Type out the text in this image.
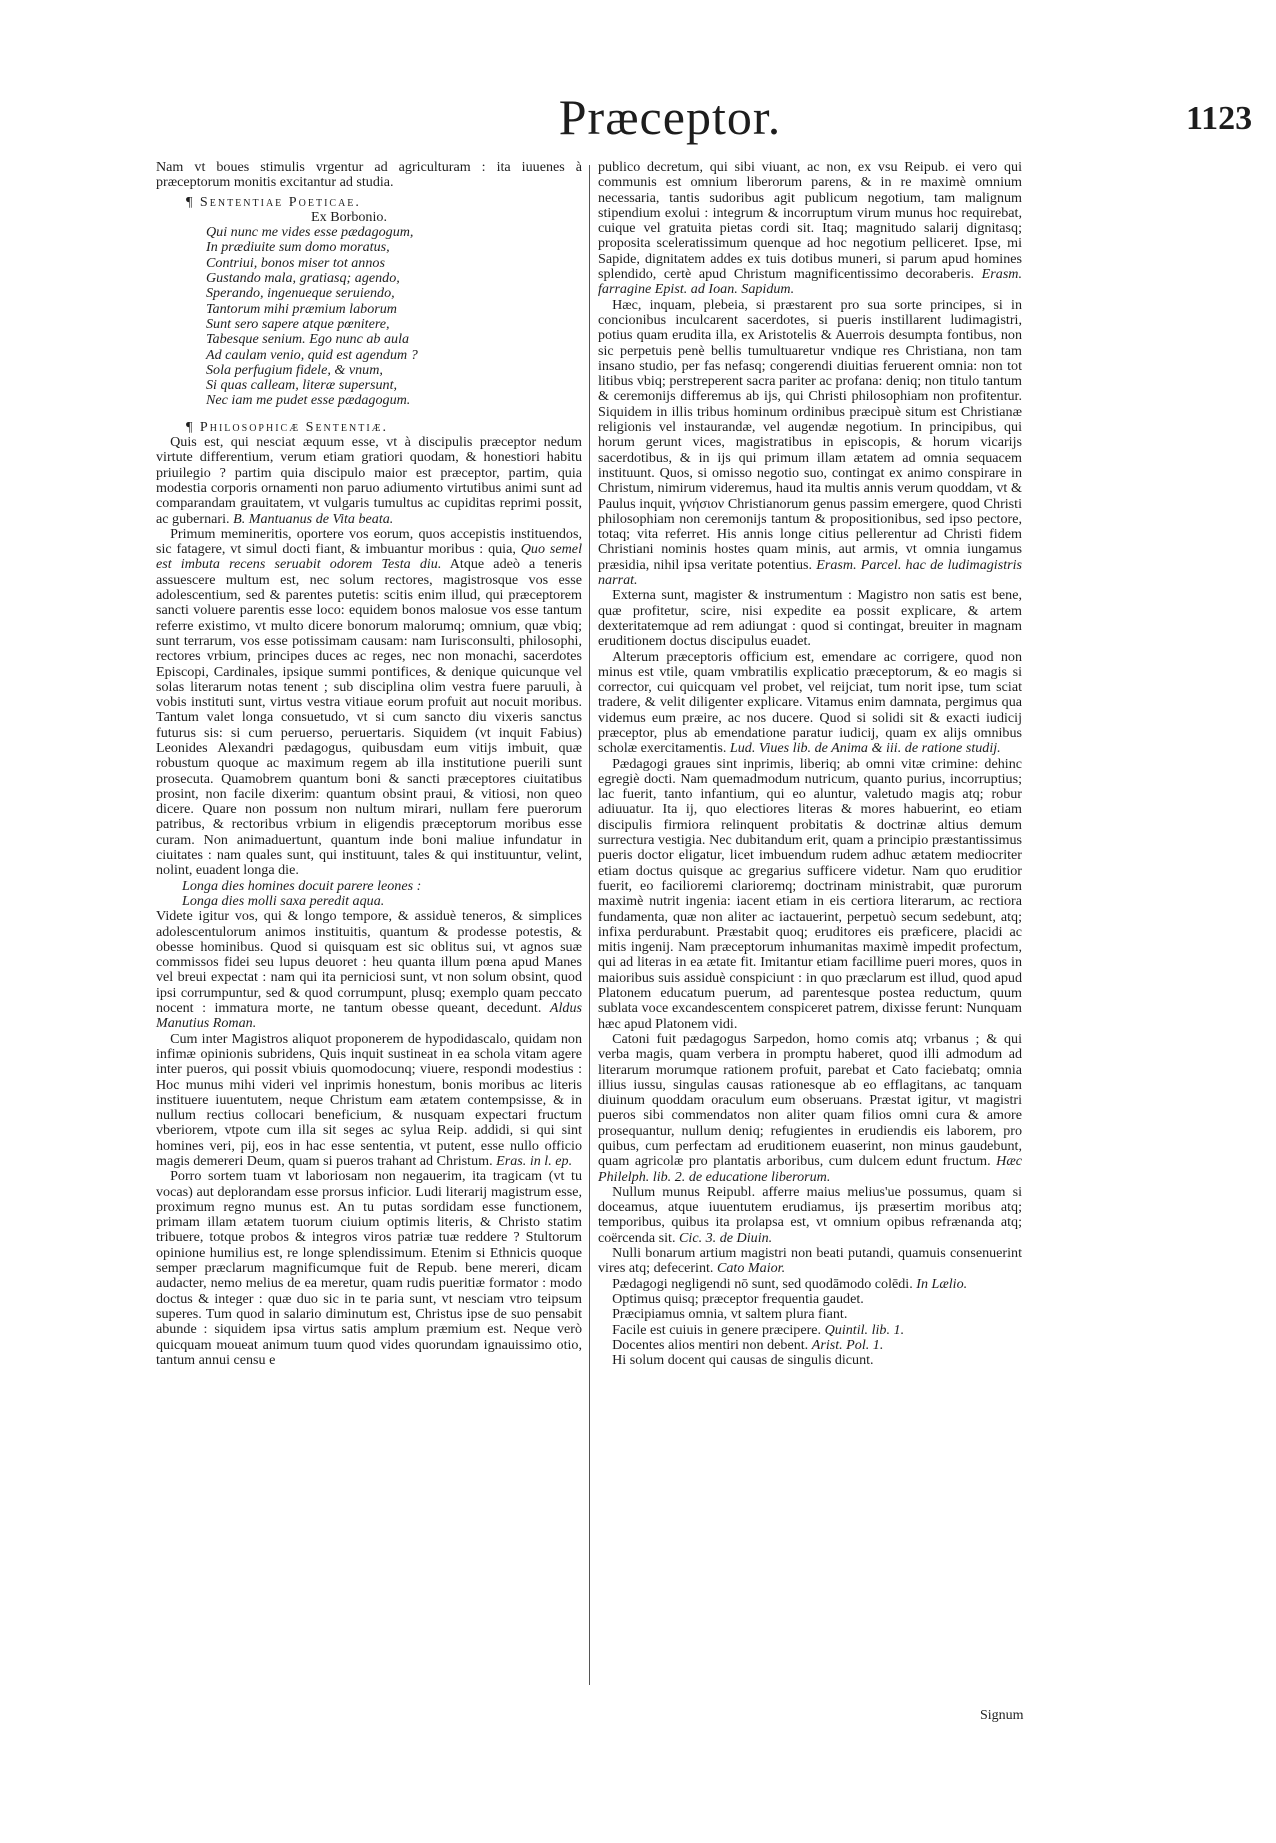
Præceptor.	1123

Nam vt boues stimulis vrgentur ad agriculturam : ita iuuenes à præceptorum monitis excitantur ad studia.

¶ Sententiae Poeticae.

Ex Borbonio.

Qui nunc me vides esse pædagogum,

In prædiuite sum domo moratus,

Contriui, bonos miser tot annos

Gustando mala, gratiasq; agendo,

Sperando, ingenueque seruiendo,

Tantorum mihi præmium laborum

Sunt sero sapere atque pœnitere,

Tabesque senium. Ego nunc ab aula

Ad caulam venio, quid est agendum ?

Sola perfugium fidele, & vnum,

Si quas calleam, literæ supersunt,

Nec iam me pudet esse pædagogum.

¶ Philosophicæ Sententiæ.

Quis est, qui nesciat æquum esse, vt à discipulis præceptor nedum virtute differentium, verum etiam gratiori quodam, & honestiori habitu priuilegio ? partim quia discipulo maior est præceptor, partim, quia modestia corporis ornamenti non paruo adiumento virtutibus animi sunt ad comparandam grauitatem, vt vulgaris tumultus ac cupiditas reprimi possit, ac gubernari. B. Mantuanus de Vita beata.

Primum memineritis, oportere vos eorum, quos accepistis instituendos, sic fatagere, vt simul docti fiant, & imbuantur moribus : quia, Quo semel est imbuta recens seruabit odorem Testa diu. Atque adeò a teneris assuescere multum est, nec solum rectores, magistrosque vos esse adolescentium, sed & parentes putetis: scitis enim illud, qui præceptorem sancti voluere parentis esse loco: equidem bonos malosue vos esse tantum referre existimo, vt multo dicere bonorum malorumq; omnium, quæ vbiq; sunt terrarum, vos esse potissimam causam: nam Iurisconsulti, philosophi, rectores vrbium, principes duces ac reges, nec non monachi, sacerdotes Episcopi, Cardinales, ipsique summi pontifices, & denique quicunque vel solas literarum notas tenent ; sub disciplina olim vestra fuere paruuli, à vobis instituti sunt, virtus vestra vitiaue eorum profuit aut nocuit moribus. Tantum valet longa consuetudo, vt si cum sancto diu vixeris sanctus futurus sis: si cum peruerso, peruertaris. Siquidem (vt inquit Fabius) Leonides Alexandri pædagogus, quibusdam eum vitijs imbuit, quæ robustum quoque ac maximum regem ab illa institutione puerili sunt prosecuta. Quamobrem quantum boni & sancti præceptores ciuitatibus prosint, non facile dixerim: quantum obsint praui, & vitiosi, non queo dicere. Quare non possum non nultum mirari, nullam fere puerorum patribus, & rectoribus vrbium in eligendis præceptorum moribus esse curam. Non animaduertunt, quantum inde boni maliue infundatur in ciuitates : nam quales sunt, qui instituunt, tales & qui instituuntur, velint, nolint, euadent longa die.

Longa dies homines docuit parere leones :

Longa dies molli saxa peredit aqua.

Videte igitur vos, qui & longo tempore, & assiduè teneros, & simplices adolescentulorum animos instituitis, quantum & prodesse potestis, & obesse hominibus. Quod si quisquam est sic oblitus sui, vt agnos suæ commissos fidei seu lupus deuoret : heu quanta illum pœna apud Manes vel breui expectat : nam qui ita perniciosi sunt, vt non solum obsint, quod ipsi corrumpuntur, sed & quod corrumpunt, plusq; exemplo quam peccato nocent : immatura morte, ne tantum obesse queant, decedunt. Aldus Manutius Roman.

Cum inter Magistros aliquot proponerem de hypodidascalo, quidam non infimæ opinionis subridens, Quis inquit sustineat in ea schola vitam agere inter pueros, qui possit vbiuis quomodocunq; viuere, respondi modestius : Hoc munus mihi videri vel inprimis honestum, bonis moribus ac literis instituere iuuentutem, neque Christum eam ætatem contempsisse, & in nullum rectius collocari beneficium, & nusquam expectari fructum vberiorem, vtpote cum illa sit seges ac sylua Reip. addidi, si qui sint homines veri, pij, eos in hac esse sententia, vt putent, esse nullo officio magis demereri Deum, quam si pueros trahant ad Christum. Eras. in l. ep.

Porro sortem tuam vt laboriosam non negauerim, ita tragicam (vt tu vocas) aut deplorandam esse prorsus inficior. Ludi literarij magistrum esse, proximum regno munus est. An tu putas sordidam esse functionem, primam illam ætatem tuorum ciuium optimis literis, & Christo statim tribuere, totque probos & integros viros patriæ tuæ reddere ? Stultorum opinione humilius est, re longe splendissimum. Etenim si Ethnicis quoque semper præclarum magnificumque fuit de Repub. bene mereri, dicam audacter, nemo melius de ea meretur, quam rudis pueritiæ formator : modo doctus & integer : quæ duo sic in te paria sunt, vt nesciam vtro teipsum superes. Tum quod in salario diminutum est, Christus ipse de suo pensabit abunde : siquidem ipsa virtus satis amplum præmium est. Neque verò quicquam moueat animum tuum quod vides quorundam ignauissimo otio, tantum annui censu e

publico decretum, qui sibi viuant, ac non, ex vsu Reipub. ei vero qui communis est omnium liberorum parens, & in re maximè omnium necessaria, tantis sudoribus agit publicum negotium, tam malignum stipendium exolui : integrum & incorruptum virum munus hoc requirebat, cuique vel gratuita pietas cordi sit. Itaq; magnitudo salarij dignitasq; proposita sceleratissimum quenque ad hoc negotium pelliceret. Ipse, mi Sapide, dignitatem addes ex tuis dotibus muneri, si parum apud homines splendido, certè apud Christum magnificentissimo decoraberis. Erasm. farragine Epist. ad Ioan. Sapidum.

Hæc, inquam, plebeia, si præstarent pro sua sorte principes, si in concionibus inculcarent sacerdotes, si pueris instillarent ludimagistri, potius quam erudita illa, ex Aristotelis & Auerrois desumpta fontibus, non sic perpetuis penè bellis tumultuaretur vndique res Christiana, non tam insano studio, per fas nefasq; congerendi diuitias feruerent omnia: non tot litibus vbiq; perstreperent sacra pariter ac profana: deniq; non titulo tantum & ceremonijs differemus ab ijs, qui Christi philosophiam non profitentur. Siquidem in illis tribus hominum ordinibus præcipuè situm est Christianæ religionis vel instaurandæ, vel augendæ negotium. In principibus, qui horum gerunt vices, magistratibus in episcopis, & horum vicarijs sacerdotibus, & in ijs qui primum illam ætatem ad omnia sequacem instituunt. Quos, si omisso negotio suo, contingat ex animo conspirare in Christum, nimirum videremus, haud ita multis annis verum quoddam, vt & Paulus inquit, γνήσιον Christianorum genus passim emergere, quod Christi philosophiam non ceremonijs tantum & propositionibus, sed ipso pectore, totaq; vita referret. His annis longe citius pellerentur ad Christi fidem Christiani nominis hostes quam minis, aut armis, vt omnia iungamus præsidia, nihil ipsa veritate potentius. Erasm. Parcel. hac de ludimagistris narrat.

Externa sunt, magister & instrumentum : Magistro non satis est bene, quæ profitetur, scire, nisi expedite ea possit explicare, & artem dexteritatemque ad rem adiungat : quod si contingat, breuiter in magnam eruditionem doctus discipulus euadet.

Alterum præceptoris officium est, emendare ac corrigere, quod non minus est vtile, quam vmbratilis explicatio præceptorum, & eo magis si corrector, cui quicquam vel probet, vel reijciat, tum norit ipse, tum sciat tradere, & velit diligenter explicare. Vitamus enim damnata, pergimus qua videmus eum præire, ac nos ducere. Quod si solidi sit & exacti iudicij præceptor, plus ab emendatione paratur iudicij, quam ex alijs omnibus scholæ exercitamentis. Lud. Viues lib. de Anima & iii. de ratione studij.

Pædagogi graues sint inprimis, liberiq; ab omni vitæ crimine: dehinc egregiè docti. Nam quemadmodum nutricum, quanto purius, incorruptius; lac fuerit, tanto infantium, qui eo aluntur, valetudo magis atq; robur adiuuatur. Ita ij, quo electiores literas & mores habuerint, eo etiam discipulis firmiora relinquent probitatis & doctrinæ altius demum surrectura vestigia. Nec dubitandum erit, quam a principio præstantissimus pueris doctor eligatur, licet imbuendum rudem adhuc ætatem mediocriter etiam doctus quisque ac gregarius sufficere videtur. Nam quo eruditior fuerit, eo facilioremi clarioremq; doctrinam ministrabit, quæ purorum maximè nutrit ingenia: iacent etiam in eis certiora literarum, ac rectiora fundamenta, quæ non aliter ac iactauerint, perpetuò secum sedebunt, atq; infixa perdurabunt. Præstabit quoq; eruditores eis præficere, placidi ac mitis ingenij. Nam præceptorum inhumanitas maximè impedit profectum, qui ad literas in ea ætate fit. Imitantur etiam facillime pueri mores, quos in maioribus suis assiduè conspiciunt : in quo præclarum est illud, quod apud Platonem educatum puerum, ad parentesque postea reductum, quum sublata voce excandescentem conspiceret patrem, dixisse ferunt: Nunquam hæc apud Platonem vidi.

Catoni fuit pædagogus Sarpedon, homo comis atq; vrbanus ; & qui verba magis, quam verbera in promptu haberet, quod illi admodum ad literarum morumque rationem profuit, parebat et Cato faciebatq; omnia illius iussu, singulas causas rationesque ab eo efflagitans, ac tanquam diuinum quoddam oraculum eum obseruans. Præstat igitur, vt magistri pueros sibi commendatos non aliter quam filios omni cura & amore prosequantur, nullum deniq; refugientes in erudiendis eis laborem, pro quibus, cum perfectam ad eruditionem euaserint, non minus gaudebunt, quam agricolæ pro plantatis arboribus, cum dulcem edunt fructum. Hæc Philelph. lib. 2. de educatione liberorum.

Nullum munus Reipubl. afferre maius melius'ue possumus, quam si doceamus, atque iuuentutem erudiamus, ijs præsertim moribus atq; temporibus, quibus ita prolapsa est, vt omnium opibus refrænanda atq; coërcenda sit. Cic. 3. de Diuin.

Nulli bonarum artium magistri non beati putandi, quamuis consenuerint vires atq; defecerint. Cato Maior.

Pædagogi negligendi nō sunt, sed quodāmodo colēdi. In Lælio.

Optimus quisq; præceptor frequentia gaudet.

Præcipiamus omnia, vt saltem plura fiant.

Facile est cuiuis in genere præcipere. Quintil. lib. 1.

Docentes alios mentiri non debent. Arist. Pol. 1.

Hi solum docent qui causas de singulis dicunt.

Signum
